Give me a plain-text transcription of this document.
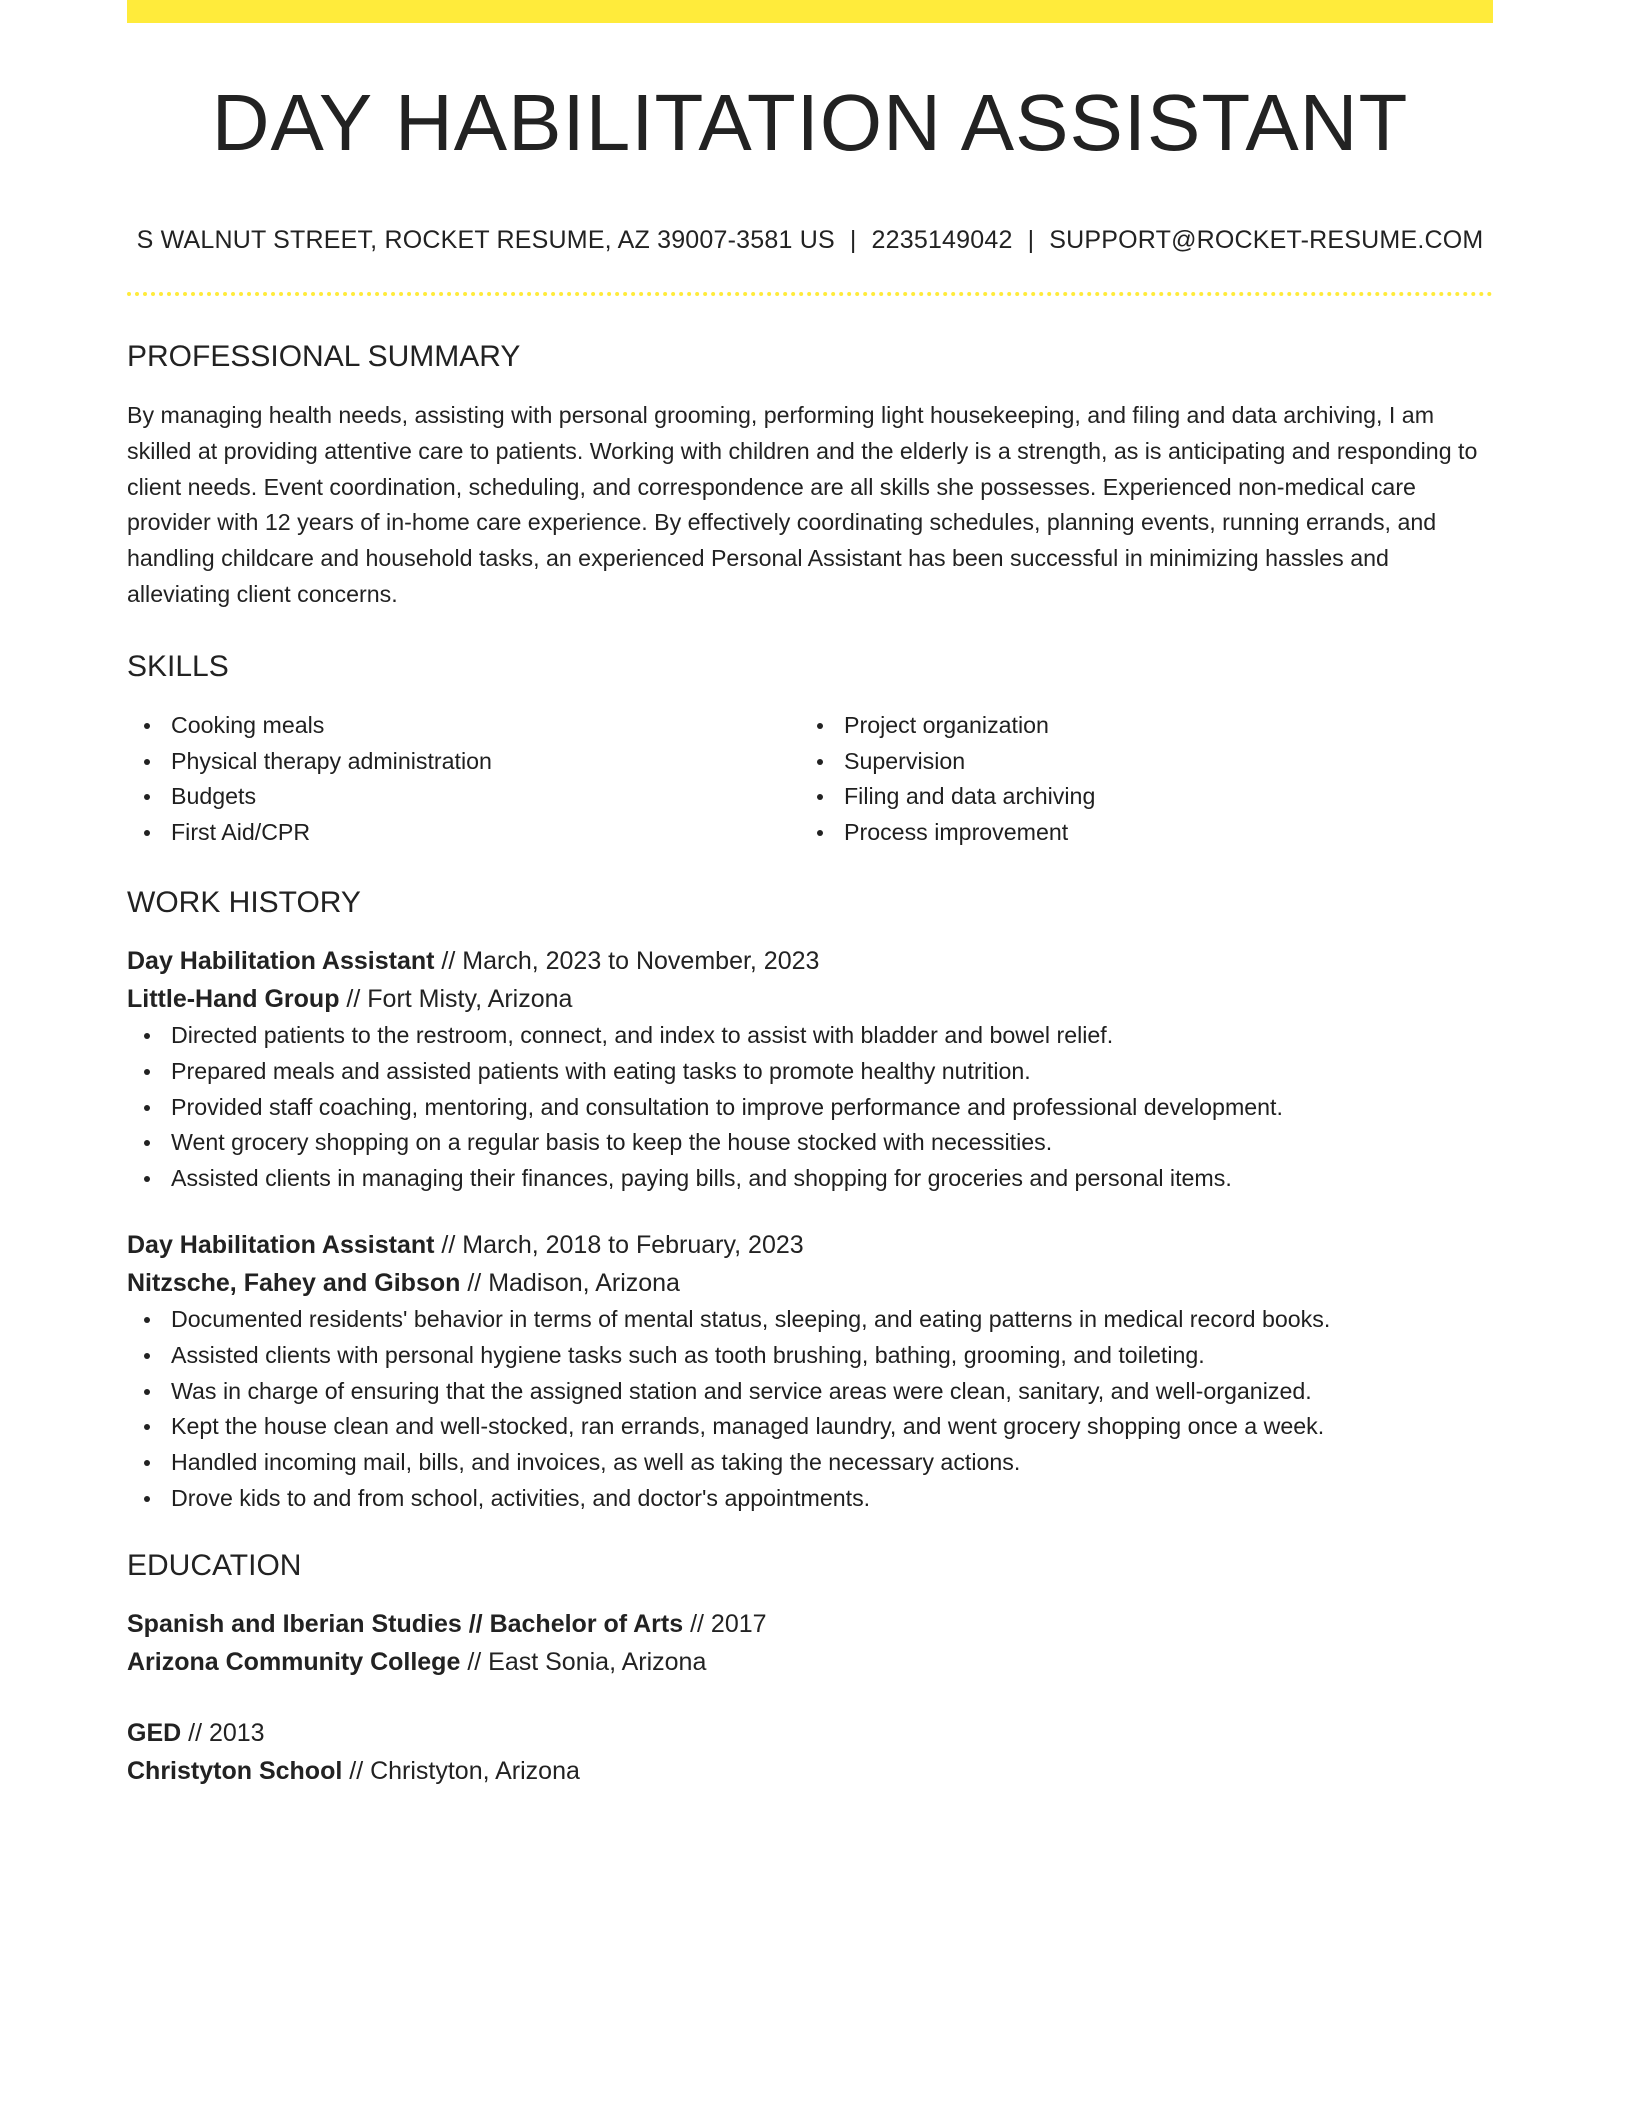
DAY HABILITATION ASSISTANT
S WALNUT STREET, ROCKET RESUME, AZ 39007-3581 US | 2235149042 | SUPPORT@ROCKET-RESUME.COM
PROFESSIONAL SUMMARY

By managing health needs, assisting with personal grooming, performing light housekeeping, and filing and data archiving, I am skilled at providing attentive care to patients. Working with children and the elderly is a strength, as is anticipating and responding to client needs. Event coordination, scheduling, and correspondence are all skills she possesses. Experienced non-medical care provider with 12 years of in-home care experience. By effectively coordinating schedules, planning events, running errands, and handling childcare and household tasks, an experienced Personal Assistant has been successful in minimizing hassles and alleviating client concerns.

SKILLS
Cooking meals
Physical therapy administration
Budgets
First Aid/CPR
Project organization
Supervision
Filing and data archiving
Process improvement
WORK HISTORY
Day Habilitation Assistant // March, 2023 to November, 2023
Little-Hand Group // Fort Misty, Arizona
Directed patients to the restroom, connect, and index to assist with bladder and bowel relief.
Prepared meals and assisted patients with eating tasks to promote healthy nutrition.
Provided staff coaching, mentoring, and consultation to improve performance and professional development.
Went grocery shopping on a regular basis to keep the house stocked with necessities.
Assisted clients in managing their finances, paying bills, and shopping for groceries and personal items.
Day Habilitation Assistant // March, 2018 to February, 2023
Nitzsche, Fahey and Gibson // Madison, Arizona
Documented residents' behavior in terms of mental status, sleeping, and eating patterns in medical record books.
Assisted clients with personal hygiene tasks such as tooth brushing, bathing, grooming, and toileting.
Was in charge of ensuring that the assigned station and service areas were clean, sanitary, and well-organized.
Kept the house clean and well-stocked, ran errands, managed laundry, and went grocery shopping once a week.
Handled incoming mail, bills, and invoices, as well as taking the necessary actions.
Drove kids to and from school, activities, and doctor's appointments.
EDUCATION
Spanish and Iberian Studies // Bachelor of Arts // 2017
Arizona Community College // East Sonia, Arizona
GED // 2013
Christyton School // Christyton, Arizona
